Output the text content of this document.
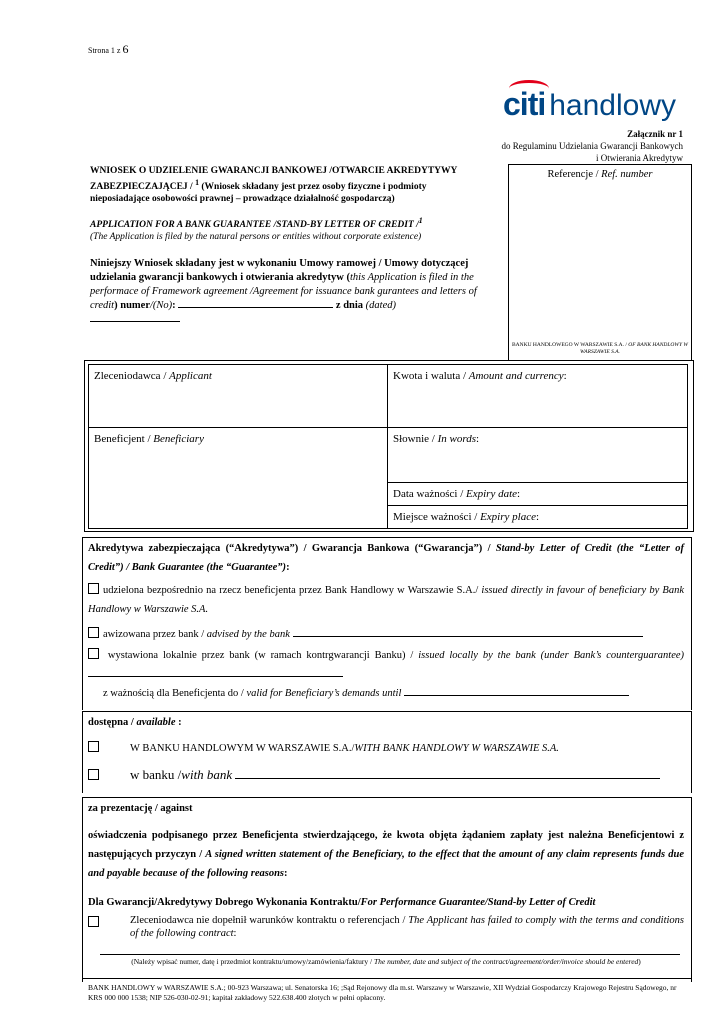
Strona 1 z 6
citi handlowy
Załącznik nr 1
do Regulaminu Udzielania Gwarancji Bankowych
i Otwierania Akredytyw

WNIOSEK O UDZIELENIE GWARANCJI BANKOWEJ /OTWARCIE AKREDYTYWY ZABEZPIECZAJĄCEJ / $^1$ (Wniosek składany jest przez osoby fizyczne i podmioty nieposiadające osobowości prawnej – prowadzące działalność gospodarczą)

APPLICATION FOR A BANK GUARANTEE /STAND-BY LETTER OF CREDIT /$^1$

(The Application is filed by the natural persons or entities without corporate existence)

Niniejszy Wniosek składany jest w wykonaniu Umowy ramowej / Umowy dotyczącej udzielania gwarancji bankowych i otwierania akredytyw (this Application is filed in the performace of Framework agreement /Agreement for issuance bank gurantees and letters of credit) numer/(No):	z dnia (dated)

Referencje / Ref. number
BANKU HANDLOWEGO W WARSZAWIE S.A. / OF BANK HANDLOWY W WARSZAWIE S.A.
Zleceniodawca / Applicant	Kwota i waluta / Amount and currency:
Beneficjent / Beneficiary	Słownie / In words:
	Data ważności / Expiry date:
	Miejsce ważności / Expiry place:
Akredytywa zabezpieczająca (“Akredytywa”) / Gwarancja Bankowa (“Gwarancja”) / Stand-by Letter of Credit (the “Letter of Credit”) / Bank Guarantee (the “Guarantee”):
udzielona bezpośrednio na rzecz beneficjenta przez Bank Handlowy w Warszawie S.A./ issued directly in favour of beneficiary by Bank Handlowy w Warszawie S.A.
awizowana przez bank / advised by the bank
wystawiona lokalnie przez bank (w ramach kontrgwarancji Banku) / issued locally by the bank (under Bank’s counterguarantee)
z ważnością dla Beneficjenta do / valid for Beneficiary’s demands until
dostępna / available :
W BANKU HANDLOWYM W WARSZAWIE S.A./WITH BANK HANDLOWY W WARSZAWIE S.A.
w banku /with bank
za prezentację / against
oświadczenia podpisanego przez Beneficjenta stwierdzającego, że kwota objęta żądaniem zapłaty jest należna Beneficjentowi z następujących przyczyn / A signed written statement of the Beneficiary, to the effect that the amount of any claim represents funds due and payable because of the following reasons:
Dla Gwarancji/Akredytywy Dobrego Wykonania Kontraktu/For Performance Guarantee/Stand-by Letter of Credit
Zleceniodawca nie dopełnił warunków kontraktu o referencjach / The Applicant has failed to comply with the terms and conditions of the following contract:
(Należy wpisać numer, datę i przedmiot kontraktu/umowy/zamówienia/faktury / The number, date and subject of the contract/agreement/order/invoice should be entered)
BANK HANDLOWY w WARSZAWIE S.A.; 00-923 Warszawa; ul. Senatorska 16; ;Sąd Rejonowy dla m.st. Warszawy w Warszawie, XII Wydział Gospodarczy Krajowego Rejestru Sądowego, nr KRS 000 000 1538; NIP 526-030-02-91; kapitał zakładowy 522.638.400 złotych w pełni opłacony.
